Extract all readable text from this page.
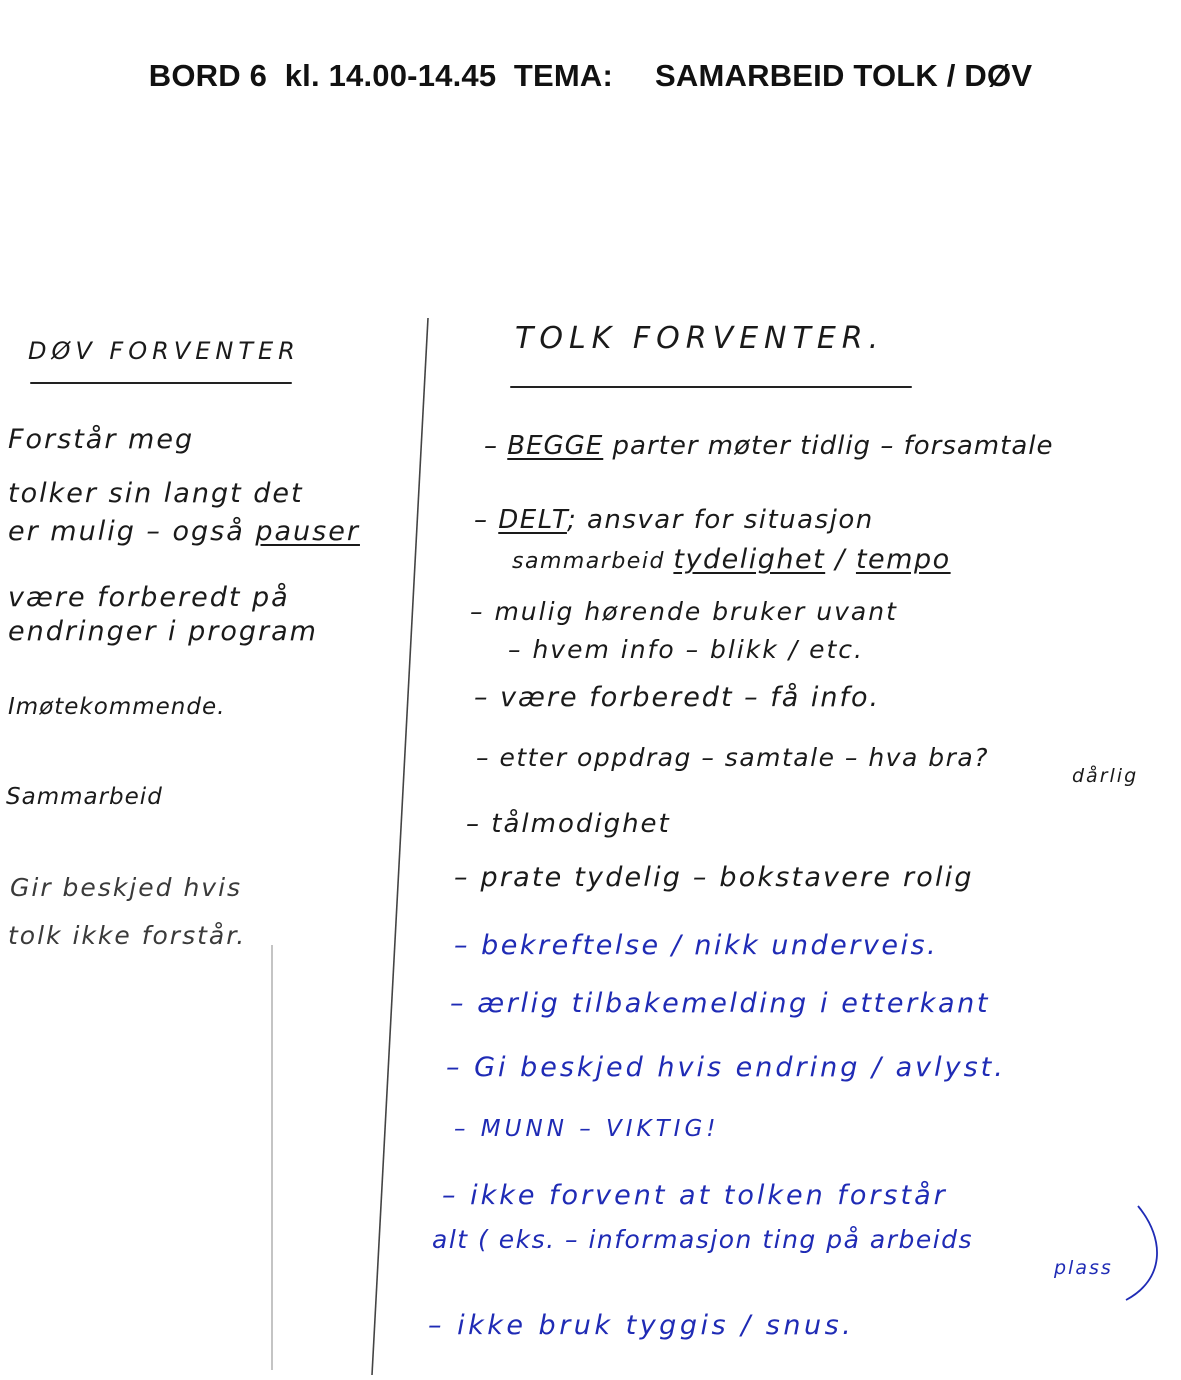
BORD 6  kl. 14.00-14.45  TEMA: SAMARBEID TOLK / DØV
DØV FORVENTER
Forstår meg
tolker sin langt det
er mulig – også pauser
være forberedt på
endringer i program
Imøtekommende.
Sammarbeid
Gir beskjed hvis
tolk ikke forstår.
TOLK FORVENTER.
– BEGGE parter møter tidlig – forsamtale
– DELT; ansvar for situasjon
sammarbeid tydelighet / tempo
– mulig hørende bruker uvant
– hvem info – blikk / etc.
– være forberedt – få info.
– etter oppdrag – samtale – hva bra?
dårlig
– tålmodighet
– prate tydelig – bokstavere rolig
– bekreftelse / nikk underveis.
– ærlig tilbakemelding i etterkant
– Gi beskjed hvis endring / avlyst.
– MUNN – VIKTIG!
– ikke forvent at tolken forstår
alt ( eks. – informasjon ting på arbeids
plass
– ikke bruk tyggis / snus.
